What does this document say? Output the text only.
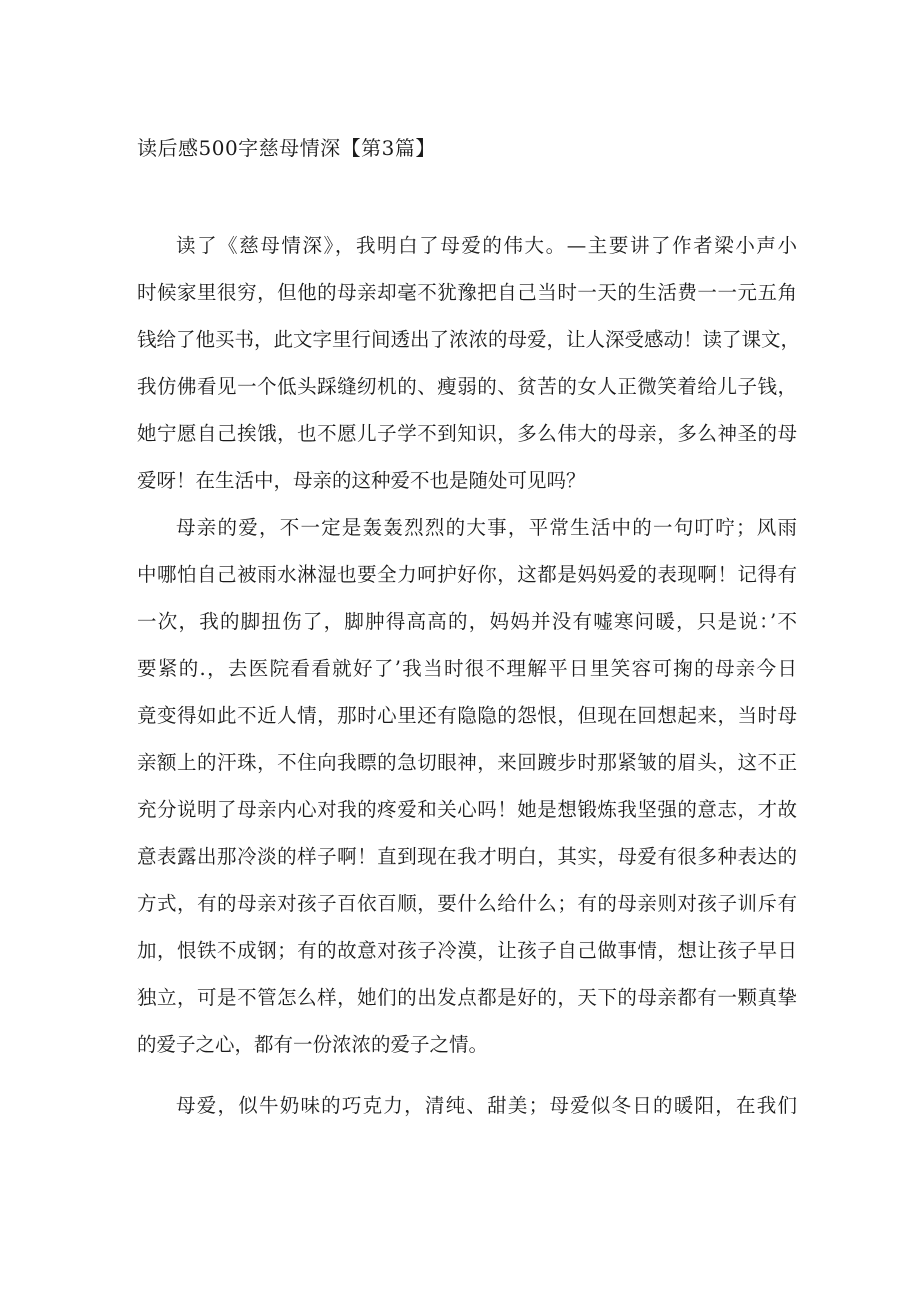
读后感500字慈母情深【第3篇】
读了《慈母情深》，我明白了母爱的伟大。—主要讲了作者梁小声小
时候家里很穷，但他的母亲却毫不犹豫把自己当时一天的生活费一一元五角
钱给了他买书，此文字里行间透出了浓浓的母爱，让人深受感动！读了课文，
我仿佛看见一个低头踩缝纫机的、瘦弱的、贫苦的女人正微笑着给儿子钱，
她宁愿自己挨饿，也不愿儿子学不到知识，多么伟大的母亲，多么神圣的母
爱呀！在生活中，母亲的这种爱不也是随处可见吗？
母亲的爱，不一定是轰轰烈烈的大事，平常生活中的一句叮咛；风雨
中哪怕自己被雨水淋湿也要全力呵护好你，这都是妈妈爱的表现啊！记得有
一次，我的脚扭伤了，脚肿得高高的，妈妈并没有嘘寒问暖，只是说：’不
要紧的.，去医院看看就好了’我当时很不理解平日里笑容可掬的母亲今日
竟变得如此不近人情，那时心里还有隐隐的怨恨，但现在回想起来，当时母
亲额上的汗珠，不住向我瞟的急切眼神，来回踱步时那紧皱的眉头，这不正
充分说明了母亲内心对我的疼爱和关心吗！她是想锻炼我坚强的意志，才故
意表露出那冷淡的样子啊！直到现在我才明白，其实，母爱有很多种表达的
方式，有的母亲对孩子百依百顺，要什么给什么；有的母亲则对孩子训斥有
加，恨铁不成钢；有的故意对孩子冷漠，让孩子自己做事情，想让孩子早日
独立，可是不管怎么样，她们的出发点都是好的，天下的母亲都有一颗真挚
的爱子之心，都有一份浓浓的爱子之情。
母爱，似牛奶味的巧克力，清纯、甜美；母爱似冬日的暖阳，在我们
